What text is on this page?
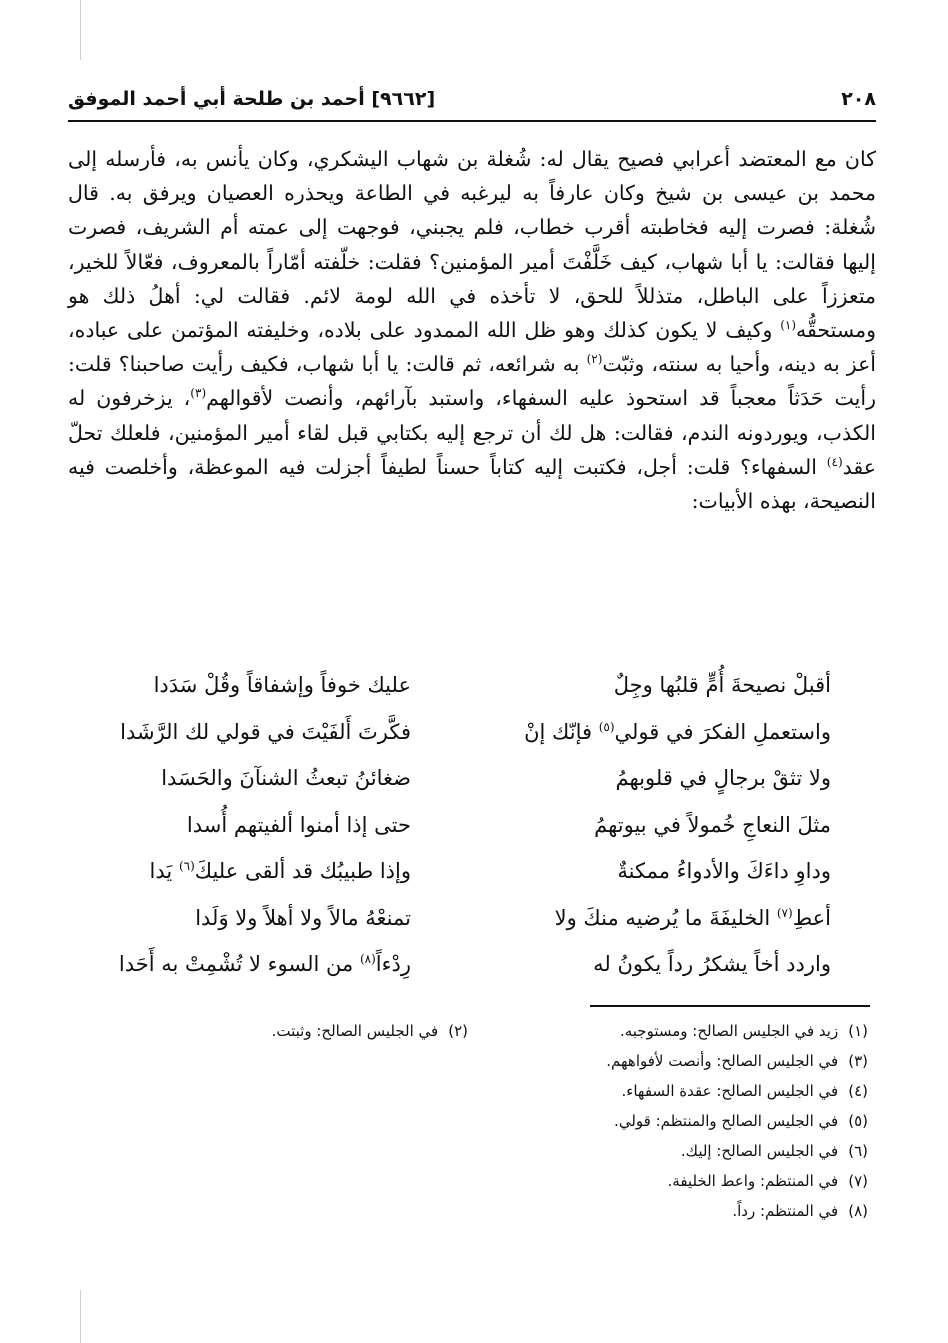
٢٠٨
[٩٦٦٢] أحمد بن طلحة أبي أحمد الموفق

كان مع المعتضد أعرابي فصيح يقال له: شُغلة بن شهاب اليشكري، وكان يأنس به، فأرسله إلى محمد بن عيسى بن شيخ وكان عارفاً به ليرغبه في الطاعة ويحذره العصيان ويرفق به. قال شُغلة: فصرت إليه فخاطبته أقرب خطاب، فلم يجبني، فوجهت إلى عمته أم الشريف، فصرت إليها فقالت: يا أبا شهاب، كيف خَلَّفْتَ أمير المؤمنين؟ فقلت: خلّفته أمّاراً بالمعروف، فعّالاً للخير، متعززاً على الباطل، متذللاً للحق، لا تأخذه في الله لومة لائم. فقالت لي: أهلُ ذلك هو ومستحقُّه$^{(١)}$ وكيف لا يكون كذلك وهو ظل الله الممدود على بلاده، وخليفته المؤتمن على عباده، أعز به دينه، وأحيا به سنته، وثبّت$^{(٢)}$ به شرائعه، ثم قالت: يا أبا شهاب، فكيف رأيت صاحبنا؟ قلت: رأيت حَدَثاً معجباً قد استحوذ عليه السفهاء، واستبد بآرائهم، وأنصت لأقوالهم$^{(٣)}$، يزخرفون له الكذب، ويوردونه الندم، فقالت: هل لك أن ترجع إليه بكتابي قبل لقاء أمير المؤمنين، فلعلك تحلّ عقد$^{(٤)}$ السفهاء؟ قلت: أجل، فكتبت إليه كتاباً حسناً لطيفاً أجزلت فيه الموعظة، وأخلصت فيه النصيحة، بهذه الأبيات:

أقبلْ نصيحةَ أُمٍّ قلبُها وجِلٌ
عليك خوفاً وإشفاقاً وقُلْ سَدَدا
واستعملِ الفكرَ في قولي$^{(٥)}$ فإنّك إنْ
فكَّرتَ أَلفَيْتَ في قولي لك الرَّشَدا
ولا تثقْ برجالٍ في قلوبهمُ
ضغائنُ تبعثُ الشنآنَ والحَسَدا
مثلَ النعاجِ خُمولاً في بيوتهمُ
حتى إذا أمنوا ألفيتهم أُسدا
وداوِ داءَكَ والأدواءُ ممكنةٌ
وإذا طبيبُك قد ألقى عليكَ$^{(٦)}$ يَدا
أعطِ$^{(٧)}$ الخليفَةَ ما يُرضيه منكَ ولا
تمنعْهُ مالاً ولا أهلاً ولا وَلَدا
واردد أخاً يشكرُ رداً يكونُ له
رِدْءاً$^{(٨)}$ من السوء لا تُشْمِتْ به أَحَدا
(١)زيد في الجليس الصالح: ومستوجبه.
(٢)في الجليس الصالح: وثبتت.
(٣)في الجليس الصالح: وأنصت لأفواههم.
(٤)في الجليس الصالح: عقدة السفهاء.
(٥)في الجليس الصالح والمنتظم: قولي.
(٦)في الجليس الصالح: إليك.
(٧)في المنتظم: واعط الخليفة.
(٨)في المنتظم: رداً.
